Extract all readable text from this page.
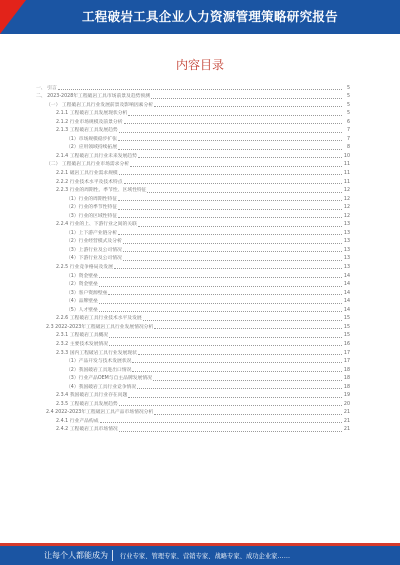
工程破岩工具企业人力资源管理策略研究报告
内容目录
一、 引言	5
二、 2023-2028年工程破岩工具市场前景及趋势预测	5
（一） 工程破岩工具行业发展前景及影响因素分析	5
2.1.1 工程破岩工具发展现状分析	5
2.1.2 行业市场规模及前景分析	6
2.1.3 工程破岩工具发展趋势	7
（1）市场规模稳步扩张	7
（2）应用领域持续拓展	8
2.1.4 工程破岩工具行业未来发展趋势	10
（二） 工程破岩工具行业市场需求分析	11
2.2.1 破岩工具行业需求规模	11
2.2.2 行业技术水平及技术特点	11
2.2.3 行业的周期性、季节性、区域性特征	12
（1）行业的周期性特征	12
（2）行业的季节性特征	12
（3）行业的区域性特征	12
2.2.4 行业的上、下游行业之间的关联	13
（1）上下游产业链分析	13
（2）行业经营模式及分析	13
（3）上游行业及公司情况	13
（4）下游行业及公司情况	13
2.2.5 行业竞争格局及发展	13
（1）资金壁垒	14
（2）资金壁垒	14
（3）客户资源壁垒	14
（4）品牌壁垒	14
（5）人才壁垒	14
2.2.6 工程破岩工具行业技术水平及发展	15
2.3 2022-2023年工程破岩工具行业发展情况分析	15
2.3.1 工程破岩工具概况	15
2.3.2 主要技术发展情况	16
2.3.3 国内工程破岩工具行业发展现状	17
（1）产品开发与技术发展状况	17
（2）我国破岩工具进出口情况	18
（3）行业产品OEM与自主品牌发展情况	18
（4）我国破岩工具行业竞争情况	18
2.3.4 我国破岩工具行业存在问题	19
2.3.5 工程破岩工具发展趋势	20
2.4 2022-2023年工程破岩工具产品市场情况分析	21
2.4.1 行业产品构成	21
2.4.2 工程破岩工具市场情况	21
让每个人都能成为 行业专家、管理专家、营销专家、战略专家、成功企业家……
